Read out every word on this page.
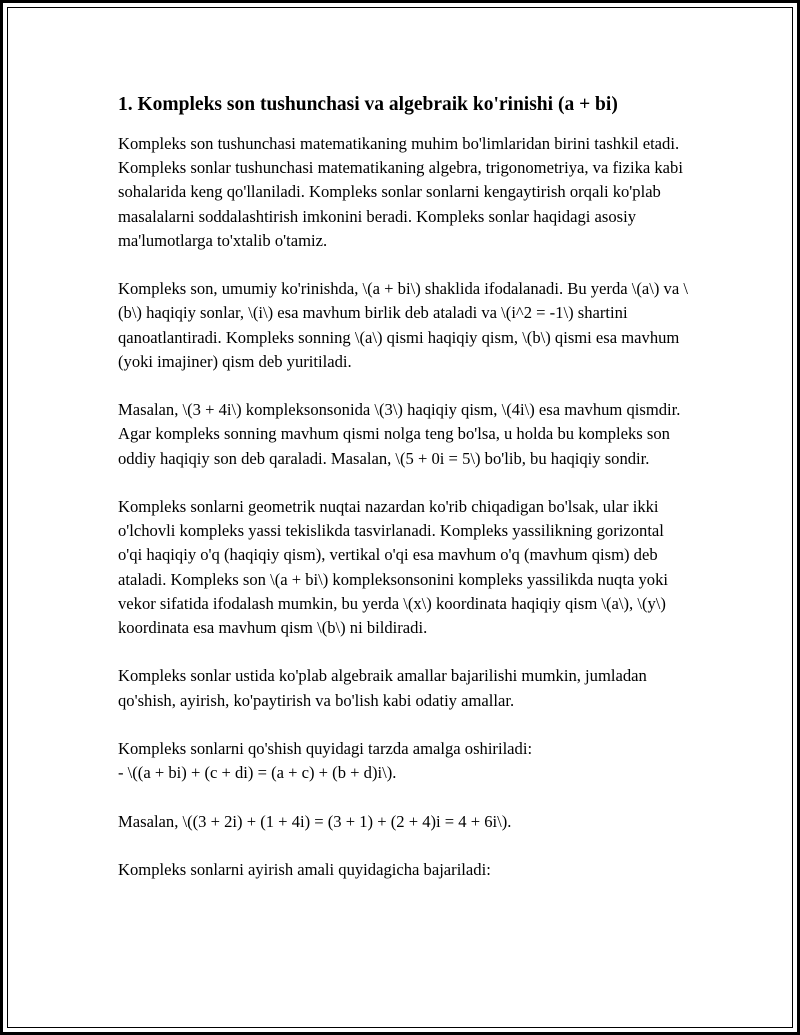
1. Kompleks son tushunchasi va algebraik ko'rinishi (a + bi)

Kompleks son tushunchasi matematikaning muhim bo'limlaridan birini tashkil etadi. Kompleks sonlar tushunchasi matematikaning algebra, trigonometriya, va fizika kabi sohalarida keng qo'llaniladi. Kompleks sonlar sonlarni kengaytirish orqali ko'plab masalalarni soddalashtirish imkonini beradi. Kompleks sonlar haqidagi asosiy ma'lumotlarga to'xtalib o'tamiz.

Kompleks son, umumiy ko'rinishda, \(a + bi\) shaklida ifodalanadi. Bu yerda \(a\) va \(b\) haqiqiy sonlar, \(i\) esa mavhum birlik deb ataladi va \(i^2 = -1\) shartini qanoatlantiradi. Kompleks sonning \(a\) qismi haqiqiy qism, \(b\) qismi esa mavhum (yoki imajiner) qism deb yuritiladi.

Masalan, \(3 + 4i\) kompleksonsonida \(3\) haqiqiy qism, \(4i\) esa mavhum qismdir. Agar kompleks sonning mavhum qismi nolga teng bo'lsa, u holda bu kompleks son oddiy haqiqiy son deb qaraladi. Masalan, \(5 + 0i = 5\) bo'lib, bu haqiqiy sondir.

Kompleks sonlarni geometrik nuqtai nazardan ko'rib chiqadigan bo'lsak, ular ikki o'lchovli kompleks yassi tekislikda tasvirlanadi. Kompleks yassilikning gorizontal o'qi haqiqiy o'q (haqiqiy qism), vertikal o'qi esa mavhum o'q (mavhum qism) deb ataladi. Kompleks son \(a + bi\) kompleksonsonini kompleks yassilikda nuqta yoki vekor sifatida ifodalash mumkin, bu yerda \(x\) koordinata haqiqiy qism \(a\), \(y\) koordinata esa mavhum qism \(b\) ni bildiradi.

Kompleks sonlar ustida ko'plab algebraik amallar bajarilishi mumkin, jumladan qo'shish, ayirish, ko'paytirish va bo'lish kabi odatiy amallar.

Kompleks sonlarni qo'shish quyidagi tarzda amalga oshiriladi:
- \((a + bi) + (c + di) = (a + c) + (b + d)i\).

Masalan, \((3 + 2i) + (1 + 4i) = (3 + 1) + (2 + 4)i = 4 + 6i\).

Kompleks sonlarni ayirish amali quyidagicha bajariladi:
